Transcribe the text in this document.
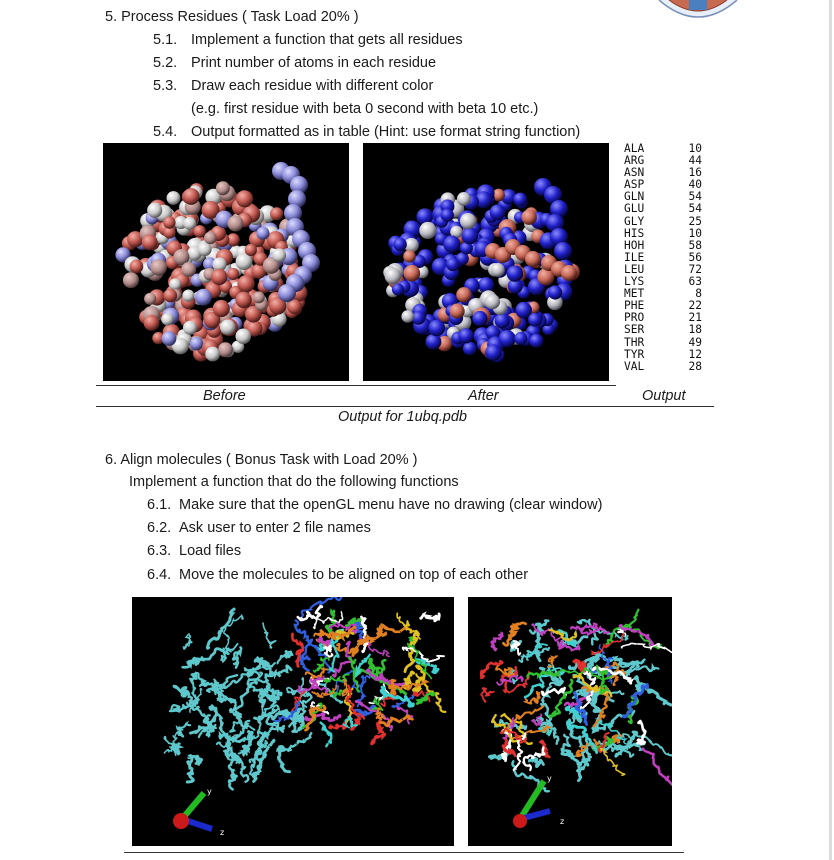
5. Process Residues ( Task Load 20% )
5.1. Implement a function that gets all residues
5.2. Print number of atoms in each residue
5.3. Draw each residue with different color
(e.g. first residue with beta 0 second with beta 10 etc.)
5.4. Output formatted as in table (Hint: use format string function)
ALA	10
ARG	44
ASN	16
ASP	40
GLN	54
GLU	54
GLY	25
HIS	10
HOH	58
ILE	56
LEU	72
LYS	63
MET	8
PHE	22
PRO	21
SER	18
THR	49
TYR	12
VAL	28
Before	After	Output
Output for 1ubq.pdb
6. Align molecules ( Bonus Task with Load 20% )
Implement a function that do the following functions
6.1. Make sure that the openGL menu have no drawing (clear window)
6.2. Ask user to enter 2 file names
6.3. Load files
6.4. Move the molecules to be aligned on top of each other
y
z
y
z
